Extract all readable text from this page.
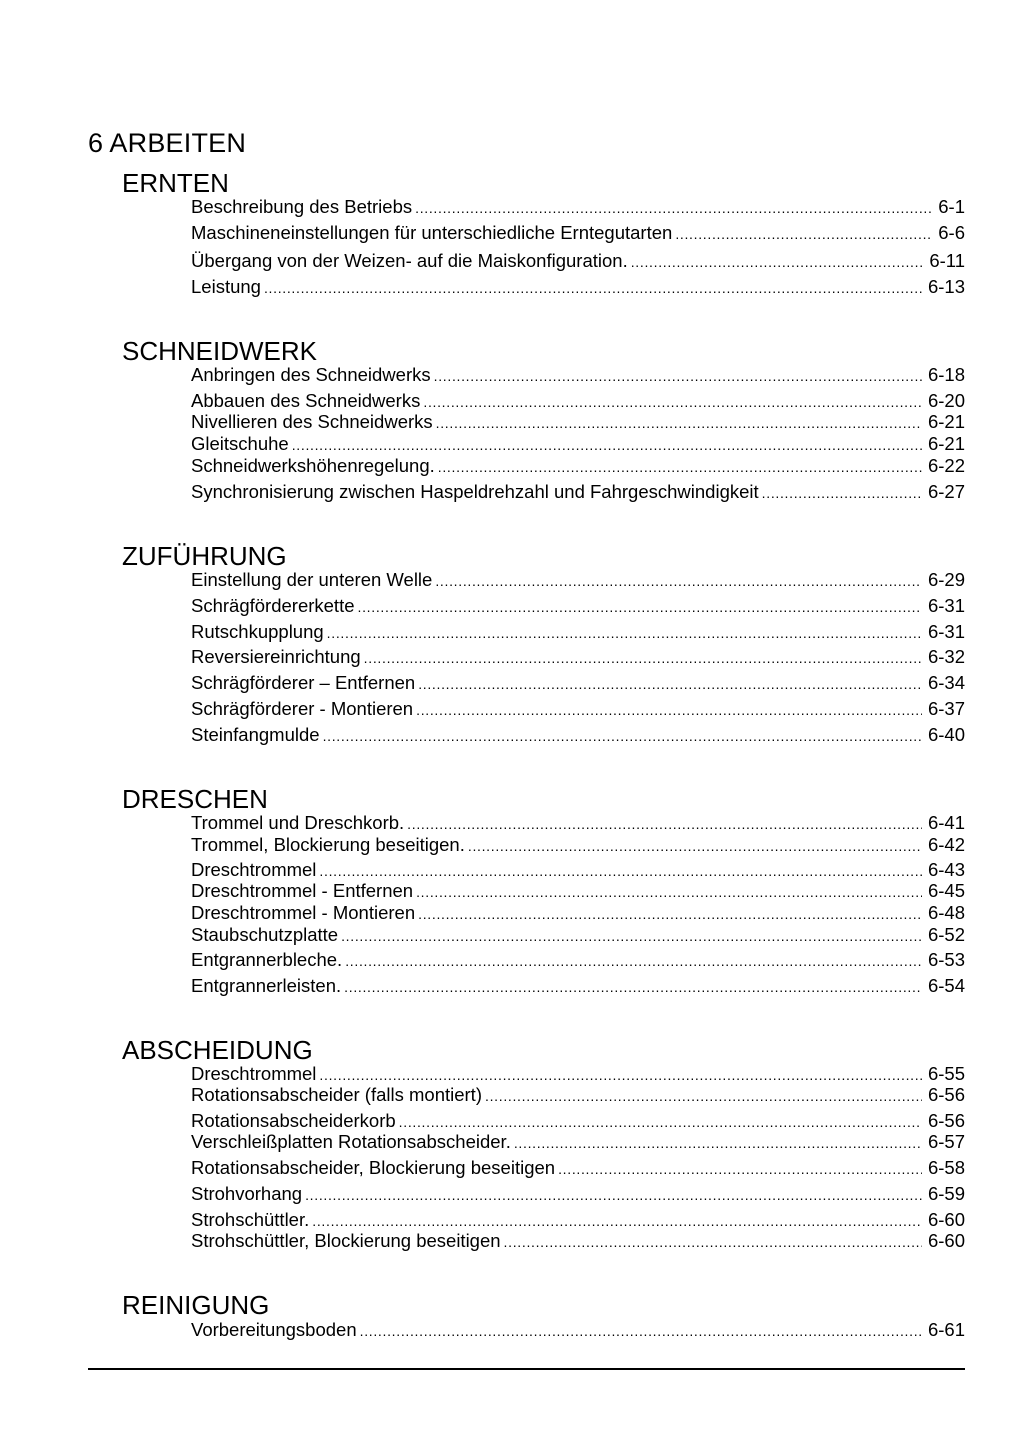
6 ARBEITEN
ERNTEN
Beschreibung des Betriebs . . .	6-1
Maschineneinstellungen für unterschiedliche Erntegutarten . . .	6-6
Übergang von der Weizen- auf die Maiskonfiguration. . . .	6-11
Leistung . . .	6-13
SCHNEIDWERK
Anbringen des Schneidwerks . . .	6-18
Abbauen des Schneidwerks . . .	6-20
Nivellieren des Schneidwerks . . .	6-21
Gleitschuhe . . .	6-21
Schneidwerkshöhenregelung. . . .	6-22
Synchronisierung zwischen Haspeldrehzahl und Fahrgeschwindigkeit . . .	6-27
ZUFÜHRUNG
Einstellung der unteren Welle . . .	6-29
Schrägfördererkette . . .	6-31
Rutschkupplung . . .	6-31
Reversiereinrichtung . . .	6-32
Schrägförderer – Entfernen . . .	6-34
Schrägförderer - Montieren . . .	6-37
Steinfangmulde . . .	6-40
DRESCHEN
Trommel und Dreschkorb. . . .	6-41
Trommel, Blockierung beseitigen. . . .	6-42
Dreschtrommel . . .	6-43
Dreschtrommel - Entfernen . . .	6-45
Dreschtrommel - Montieren . . .	6-48
Staubschutzplatte . . .	6-52
Entgrannerbleche. . . .	6-53
Entgrannerleisten. . . .	6-54
ABSCHEIDUNG
Dreschtrommel . . .	6-55
Rotationsabscheider (falls montiert) . . .	6-56
Rotationsabscheiderkorb . . .	6-56
Verschleißplatten Rotationsabscheider. . . .	6-57
Rotationsabscheider, Blockierung beseitigen . . .	6-58
Strohvorhang . . .	6-59
Strohschüttler. . . .	6-60
Strohschüttler, Blockierung beseitigen . . .	6-60
REINIGUNG
Vorbereitungsboden . . .	6-61
